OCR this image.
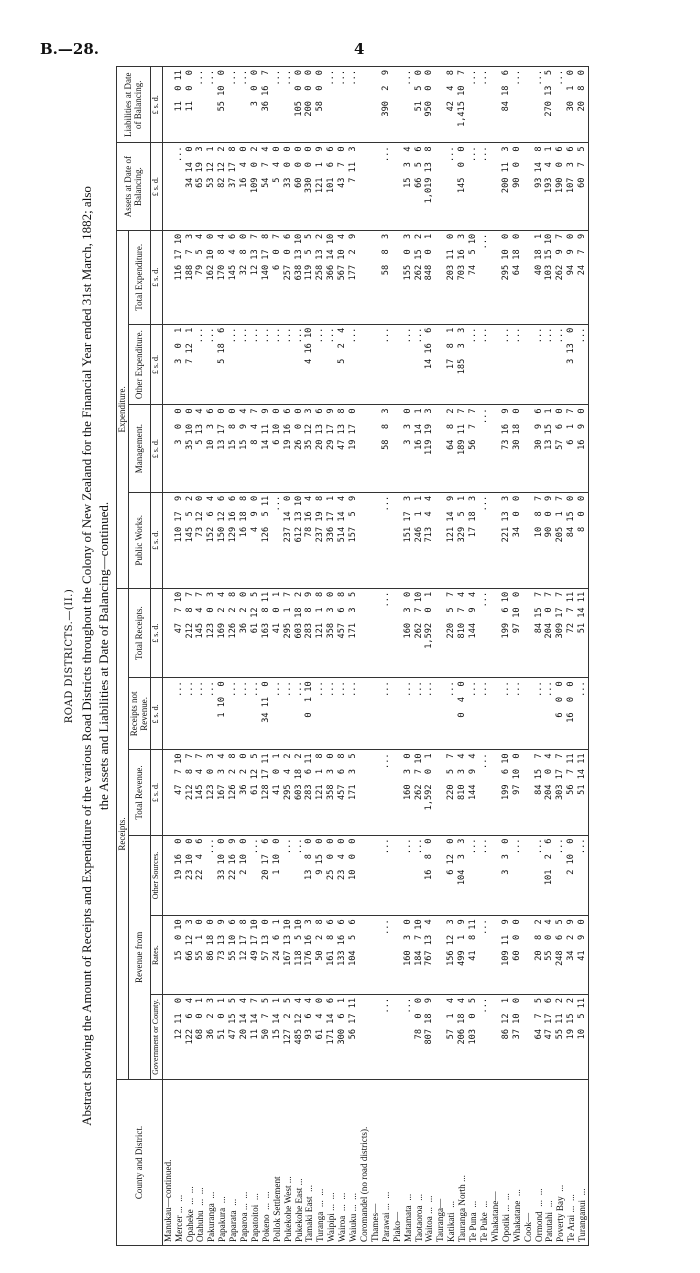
B.—28.	4
ROAD DISTRICTS.—(II.) Abstract showing the Amount of Receipts and Expenditure of the various Road Districts throughout the Colony of New Zealand for the Financial Year ended 31st March, 1882; also the Assets and Liabilities at Date of Balancing—continued.
County and District.	Receipts.						Expenditure.				Assets at Date of Balancing.	Liabilities at Date of Balancing.
	Revenue from			Total Revenue.	Receipts not Revenue.	Total Receipts.	Public Works.	Management.	Other Expenditure.	Total Expenditure.		
	Government or County.	Rates.	Other Sources.	£ s. d.	£ s. d.	£ s. d.	£ s. d.	£ s. d.	£ s. d.	£ s. d.	£ s. d.	£ s. d.
Manukau—continued.												
Mercer ...  ...	12 11  0	15  0 10	19 16  0	47  7 10	...	47  7 10	110 17  9	3  0  0	3  0  1	116 17 10	...	11  0 11
Opaheke  ...  ...	122  6  4	66 12  3	23 10  0	212  8  7	...	212  8  7	145  5  2	35 10  0	7 12  1	188  7  3	34 14  0	11  0  0
Otahuhu  ...  ...	68  0  1	55  1  0	22  4  6	145  4  7	...	145  4  7	73 12  0	5 13  4	...	79  5  4	65 19  3	...
Pakuranga  ...	36  2  3	86 18  0	...	123  0  3	...	123  0  3	152  6  4	10  3  6	...	162 10  0	53 12  1	...
Papakura  ...	51  0  1	73 13  9	33 10  0	167  3  4	1 10  0	169  2  4	150 12  6	13 17  0	5 18  6	170  8  4	82 12  2	55 10  0
Paparata  ...	47 15  5	55 10  6	22 16  9	126  2  8	...	126  2  8	129 16  6	15  8  0	...	145  4  6	37 17  8	...
Paparoa ...  ...	20 14  4	12 17  8	2 10  0	36  2  0	...	36  2  0	16 18  8	15  9  4	...	32  8  0	16  4  0	...
Papatoitoi  ...	11 14  7	49 17 10	...	61 12  5	...	61 12  5	4  9  0	8  4  7	...	12 13  7	109  0  2	3  0  0
Pokeno  ...  ...	50  7  5	57 13  0	20 17  6	128 17 11	34 11  0	163  8 11	126  5 11	14 11  9	...	140 17  8	54  7  4	36 16  7
Pollok Settlement	15 14  1	24  6  1	1 10  0	41  0  1	...	41  0  1	...	6 10  0	...	6  0  7	5  4  0	...
Pukekohe West ...	127  2  5	167 13 10	...	295  4  2	...	295  1  7	237 14  0	19 16  6	...	257  0  6	33  0  0	...
Pukekohe East ...	485 12  4	118  5 10	...	603 18  2	...	603 18  2	612 13 10	26  0  0	...	638 13 10	60  0  0	105  0  0
Tamaki East  ...	93  6  4	176 16  3	13  8  0	283  6 11	0  1 10	283  8  9	78 16  4	35 12  3	4 16 10	119  5  5	330  0  0	200  0  0
Turanga  ...  ...	61  4  0	50  2  8	9 15  0	121  1  8	...	121  1  8	237 19  8	20 13  6	...	258 13  2	121  1  9	58  0  0
Waipipi ...  ...	171 14  6	161  8  6	25  0  0	358  3  0	...	358  3  0	336 17  1	29 17  9	...	366 14 10	101  6  6	...
Wairoa  ...  ...	300  6  1	133 16  6	23  4  0	457  6  8	...	457  6  8	514 14  4	47 13  8	5  2  4	567 10  4	43  7  0	...
Waiuku ...  ...	56 17 11	104  5  6	10  0  0	171  3  5	...	171  3  5	157  5  9	19 17  0	...	177  2  9	7 11  3	...
Coromandel (no road districts).												
Thames—												
Parawai ...  ...	...	...	...	...	...	...	...	58  8  3	...	58  8  3	...	390  2  9
Piako—												
Matamata  ...	...	160  3  0	...	160  3  0	...	160  3  0	151 17  3	3  3  0	...	155  0  3	15  3  4	...
Taotaoroa  ...	78  0  0	184  7 10	...	262  7 10	...	262  7 10	246  1  1	16 14  1	...	262 15  2	66  5  6	51  5  0
Waitoa ...  ...	807 18  9	767 13  4	16  8  0	1,592  0  1	...	1,592  0  1	713  4  4	119 19  3	14 16  6	848  0  1	1,019 13  8	950  0  0
Tauranga—												
Katikati  ...	57  1  4	156 12  3	6 12  0	220  5  7	...	220  5  7	121 14  9	64  8  2	17  8  1	203 11  0	...	42  4  8
Tauranga North ...	206 18  4	499  1  9	104  3  3	810  3  4	0  4  0	810  7  4	329  5  1	189 11  7	185  3  3	703 16  3	145  0  0	1,415 10  7
Te Puna  ...	103  0  5	41  8 11	...	144  9  4	...	144  9  4	17 18  3	56  7  7	...	74  5 10	...	...
Te Puke  ...	...	...	...	...	...	...	...	...	...	...	...	...
Whakatane—												
Opotiki ...  ...	86 12  1	109 11  9	3  3  0	199  6 10	...	199  6 10	221 13  3	73 16  9	...	295 10  0	200 11  3	84 18  6
Whakatane  ...	37 10  0	60  0  0	...	97 10  0	...	97 10  0	34  0  0	30 18  0	...	64 18  0	90  0  0	...
Cook—												
Ormond  ...  ...	64  7  5	20  8  2	...	84 15  7	...	84 15  7	10  8  7	30  9  6	...	40 18  1	93 14  8	...
Patutahi  ...	47 17  6	55  0  4	101  2  6	204  0  4	...	204  0  7	90  0  9	13 15  1	...	103 15 10	193  4  1	270 13  5
Poverty Bay  ...	55 11  2	248  6  5	...	303 17  7	6  0  0	309 17  7	205  1  7	57  6  0	...	262  9  7	190  0  6	...
Te Arai ...  ...	19 15  2	34  2  9	2 10  0	56  7 11	16  0  0	72  7 11	84 15  0	6  1  7	3 13  0	94  9  0	107  3  6	30  1  0
Turanganui  ...	10  5 11	41  9  0	...	51 14 11	...	51 14 11	8  0  0	16  9  0	...	24  7  9	60  7  5	20  8  0
